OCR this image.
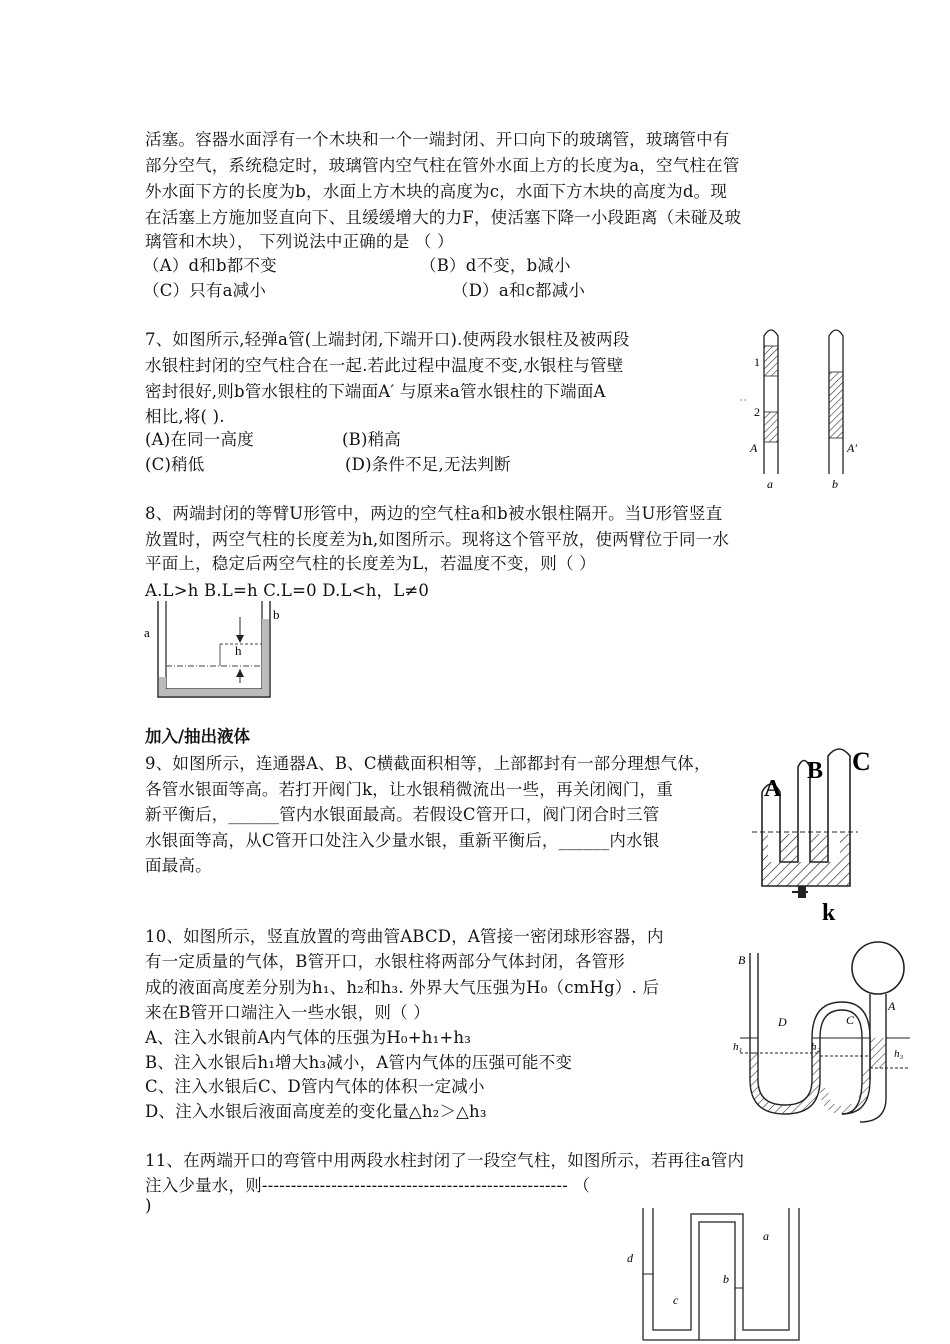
活塞。容器水面浮有一个木块和一个一端封闭、开口向下的玻璃管，玻璃管中有
部分空气，系统稳定时，玻璃管内空气柱在管外水面上方的长度为a，空气柱在管
外水面下方的长度为b，水面上方木块的高度为c，水面下方木块的高度为d。现
在活塞上方施加竖直向下、且缓缓增大的力F，使活塞下降一小段距离（未碰及玻
璃管和木块）， 下列说法中正确的是 （ ）
（A）d和b都不变	（B）d不变，b减小
（C）只有a减小	（D）a和c都减小
7、如图所示,轻弹a管(上端封闭,下端开口).使两段水银柱及被两段
水银柱封闭的空气柱合在一起.若此过程中温度不变,水银柱与管壁
密封很好,则b管水银柱的下端面A′ 与原来a管水银柱的下端面A
相比,将( ).
(A)在同一高度	(B)稍高
(C)稍低	(D)条件不足,无法判断
1
2
A
a
A′
b
8、两端封闭的等臂U形管中，两边的空气柱a和b被水银柱隔开。当U形管竖直
放置时，两空气柱的长度差为h,如图所示。现将这个管平放，使两臂位于同一水
平面上，稳定后两空气柱的长度差为L，若温度不变，则（ ）
A.L>h B.L=h C.L=0 D.L<h，L≠0
h
a
b
加入/抽出液体
9、如图所示，连通器A、B、C横截面积相等，上部都封有一部分理想气体，
各管水银面等高。若打开阀门k，让水银稍微流出一些，再关闭阀门，重
新平衡后，______管内水银面最高。若假设C管开口，阀门闭合时三管
水银面等高，从C管开口处注入少量水银，重新平衡后，______内水银
面最高。
A
B C
k
10、如图所示，竖直放置的弯曲管ABCD，A管接一密闭球形容器，内
有一定质量的气体，B管开口，水银柱将两部分气体封闭，各管形
成的液面高度差分别为h₁、h₂和h₃. 外界大气压强为H₀（cmHg）. 后
来在B管开口端注入一些水银，则（ ）
A、注入水银前A内气体的压强为H₀+h₁+h₃
B、注入水银后h₁增大h₃减小，A管内气体的压强可能不变
C、注入水银后C、D管内气体的体积一定减小
D、注入水银后液面高度差的变化量△h₂＞△h₃
B
D	C
A
h₁	h₂
h₃
11、在两端开口的弯管中用两段水柱封闭了一段空气柱，如图所示，若再往a管内
注入少量水，则----------------------------------------------------- （
)
a
b
c
d
